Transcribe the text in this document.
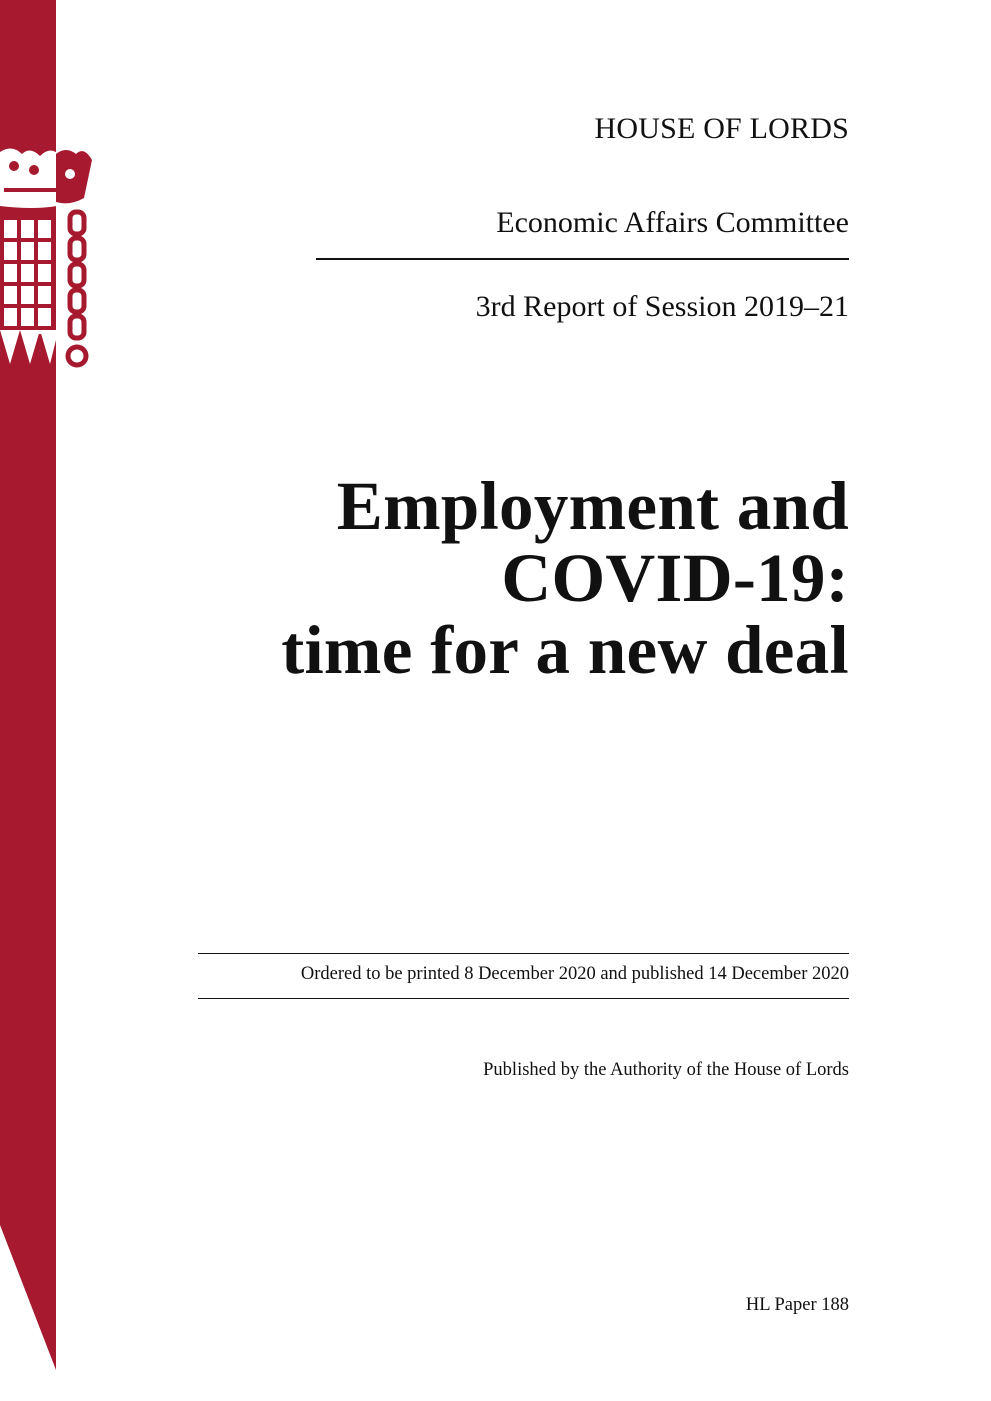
HOUSE OF LORDS
Economic Affairs Committee
3rd Report of Session 2019–21
Employment and
COVID-19:
time for a new deal
Ordered to be printed 8 December 2020 and published 14 December 2020
Published by the Authority of the House of Lords
HL Paper 188
